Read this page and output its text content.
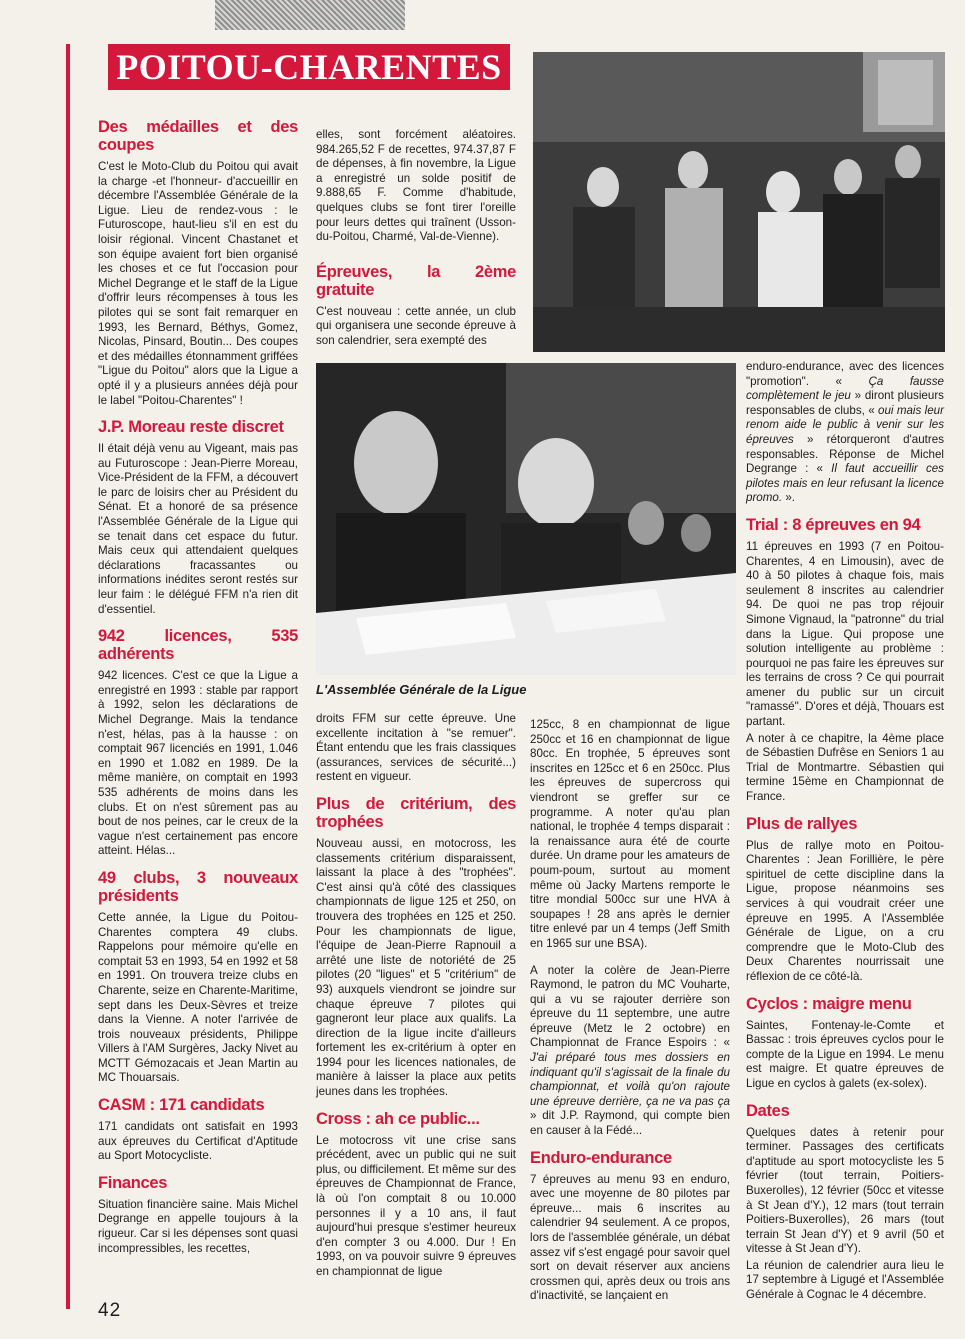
POITOU-CHARENTES
Des médailles et des coupes

C'est le Moto-Club du Poitou qui avait la charge -et l'honneur- d'accueillir en décembre l'Assemblée Générale de la Ligue. Lieu de rendez-vous : le Futuroscope, haut-lieu s'il en est du loisir régional. Vincent Chastanet et son équipe avaient fort bien organisé les choses et ce fut l'occasion pour Michel Degrange et le staff de la Ligue d'offrir leurs récompenses à tous les pilotes qui se sont fait remarquer en 1993, les Bernard, Béthys, Gomez, Nicolas, Pinsard, Boutin... Des coupes et des médailles étonnamment griffées "Ligue du Poitou" alors que la Ligue a opté il y a plusieurs années déjà pour le label "Poitou-Charentes" !

J.P. Moreau reste discret

Il était déjà venu au Vigeant, mais pas au Futuroscope : Jean-Pierre Moreau, Vice-Président de la FFM, a découvert le parc de loisirs cher au Président du Sénat. Et a honoré de sa présence l'Assemblée Générale de la Ligue qui se tenait dans cet espace du futur. Mais ceux qui attendaient quelques déclarations fracassantes ou informations inédites seront restés sur leur faim : le délégué FFM n'a rien dit d'essentiel.

942 licences, 535 adhérents

942 licences. C'est ce que la Ligue a enregistré en 1993 : stable par rapport à 1992, selon les déclarations de Michel Degrange. Mais la tendance n'est, hélas, pas à la hausse : on comptait 967 licenciés en 1991, 1.046 en 1990 et 1.082 en 1989. De la même manière, on comptait en 1993 535 adhérents de moins dans les clubs. Et on n'est sûrement pas au bout de nos peines, car le creux de la vague n'est certainement pas encore atteint. Hélas...

49 clubs, 3 nouveaux présidents

Cette année, la Ligue du Poitou-Charentes comptera 49 clubs. Rappelons pour mémoire qu'elle en comptait 53 en 1993, 54 en 1992 et 58 en 1991. On trouvera treize clubs en Charente, seize en Charente-Maritime, sept dans les Deux-Sèvres et treize dans la Vienne. A noter l'arrivée de trois nouveaux présidents, Philippe Villers à l'AM Surgères, Jacky Nivet au MCTT Gémozacais et Jean Martin au MC Thouarsais.

CASM : 171 candidats

171 candidats ont satisfait en 1993 aux épreuves du Certificat d'Aptitude au Sport Motocycliste.

Finances

Situation financière saine. Mais Michel Degrange en appelle toujours à la rigueur. Car si les dépenses sont quasi incompressibles, les recettes,

elles, sont forcément aléatoires. 984.265,52 F de recettes, 974.37,87 F de dépenses, à fin novembre, la Ligue a enregistré un solde positif de 9.888,65 F. Comme d'habitude, quelques clubs se font tirer l'oreille pour leurs dettes qui traînent (Usson-du-Poitou, Charmé, Val-de-Vienne).

Épreuves, la 2ème gratuite

C'est nouveau : cette année, un club qui organisera une seconde épreuve à son calendrier, sera exempté des

L'Assemblée Générale de la Ligue

droits FFM sur cette épreuve. Une excellente incitation à "se remuer". Étant entendu que les frais classiques (assurances, services de sécurité...) restent en vigueur.

Plus de critérium, des trophées

Nouveau aussi, en motocross, les classements critérium disparaissent, laissant la place à des "trophées". C'est ainsi qu'à côté des classiques championnats de ligue 125 et 250, on trouvera des trophées en 125 et 250. Pour les championnats de ligue, l'équipe de Jean-Pierre Rapnouil a arrêté une liste de notoriété de 25 pilotes (20 "ligues" et 5 "critérium" de 93) auxquels viendront se joindre sur chaque épreuve 7 pilotes qui gagneront leur place aux qualifs. La direction de la ligue incite d'ailleurs fortement les ex-critérium à opter en 1994 pour les licences nationales, de manière à laisser la place aux petits jeunes dans les trophées.

Cross : ah ce public...

Le motocross vit une crise sans précédent, avec un public qui ne suit plus, ou difficilement. Et même sur des épreuves de Championnat de France, là où l'on comptait 8 ou 10.000 personnes il y a 10 ans, il faut aujourd'hui presque s'estimer heureux d'en compter 3 ou 4.000. Dur ! En 1993, on va pouvoir suivre 9 épreuves en championnat de ligue

125cc, 8 en championnat de ligue 250cc et 16 en championnat de ligue 80cc. En trophée, 5 épreuves sont inscrites en 125cc et 6 en 250cc. Plus les épreuves de supercross qui viendront se greffer sur ce programme. A noter qu'au plan national, le trophée 4 temps disparait : la renaissance aura été de courte durée. Un drame pour les amateurs de poum-poum, surtout au moment même où Jacky Martens remporte le titre mondial 500cc sur une HVA à soupapes ! 28 ans après le dernier titre enlevé par un 4 temps (Jeff Smith en 1965 sur une BSA).

A noter la colère de Jean-Pierre Raymond, le patron du MC Vouharte, qui a vu se rajouter derrière son épreuve du 11 septembre, une autre épreuve (Metz le 2 octobre) en Championnat de France Espoirs : « J'ai préparé tous mes dossiers en indiquant qu'il s'agissait de la finale du championnat, et voilà qu'on rajoute une épreuve derrière, ça ne va pas ça » dit J.P. Raymond, qui compte bien en causer à la Fédé...

Enduro-endurance

7 épreuves au menu 93 en enduro, avec une moyenne de 80 pilotes par épreuve... mais 6 inscrites au calendrier 94 seulement. A ce propos, lors de l'assemblée générale, un débat assez vif s'est engagé pour savoir quel sort on devait réserver aux anciens crossmen qui, après deux ou trois ans d'inactivité, se lançaient en

enduro-endurance, avec des licences "promotion". « Ça fausse complètement le jeu » diront plusieurs responsables de clubs, « oui mais leur renom aide le public à venir sur les épreuves » rétorqueront d'autres responsables. Réponse de Michel Degrange : « Il faut accueillir ces pilotes mais en leur refusant la licence promo. ».

Trial : 8 épreuves en 94

11 épreuves en 1993 (7 en Poitou-Charentes, 4 en Limousin), avec de 40 à 50 pilotes à chaque fois, mais seulement 8 inscrites au calendrier 94. De quoi ne pas trop réjouir Simone Vignaud, la "patronne" du trial dans la Ligue. Qui propose une solution intelligente au problème : pourquoi ne pas faire les épreuves sur les terrains de cross ? Ce qui pourrait amener du public sur un circuit "ramassé". D'ores et déjà, Thouars est partant.

A noter à ce chapitre, la 4ème place de Sébastien Dufrêse en Seniors 1 au Trial de Montmartre. Sébastien qui termine 15ème en Championnat de France.

Plus de rallyes

Plus de rallye moto en Poitou-Charentes : Jean Forillière, le père spirituel de cette discipline dans la Ligue, propose néanmoins ses services à qui voudrait créer une épreuve en 1995. A l'Assemblée Générale de Ligue, on a cru comprendre que le Moto-Club des Deux Charentes nourrissait une réflexion de ce côté-là.

Cyclos : maigre menu

Saintes, Fontenay-le-Comte et Bassac : trois épreuves cyclos pour le compte de la Ligue en 1994. Le menu est maigre. Et quatre épreuves de Ligue en cyclos à galets (ex-solex).

Dates

Quelques dates à retenir pour terminer. Passages des certificats d'aptitude au sport motocycliste les 5 février (tout terrain, Poitiers-Buxerolles), 12 février (50cc et vitesse à St Jean d'Y.), 12 mars (tout terrain Poitiers-Buxerolles), 26 mars (tout terrain St Jean d'Y) et 9 avril (50 et vitesse à St Jean d'Y).

La réunion de calendrier aura lieu le 17 septembre à Ligugé et l'Assemblée Générale à Cognac le 4 décembre.

42
